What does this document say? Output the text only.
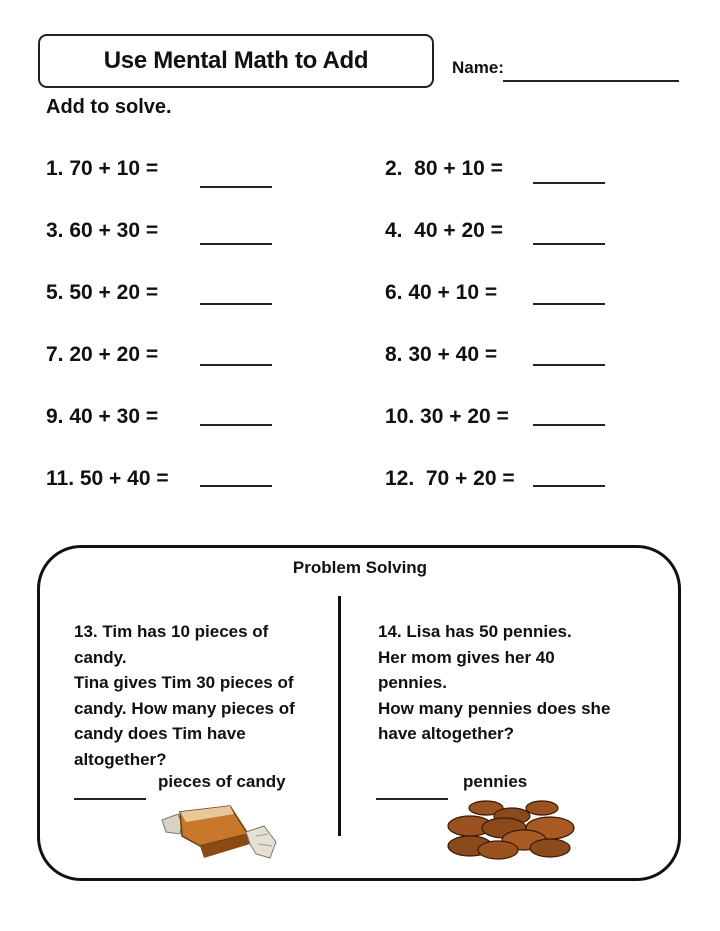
Use Mental Math to Add	Name:
Add to solve.
1. 70 + 10 =
3. 60 + 30 =
5. 50 + 20 =
7. 20 + 20 =
9. 40 + 30 =
11. 50 + 40 =
2.  80 + 10 =
4.  40 + 20 =
6. 40 + 10 =
8. 30 + 40 =
10. 30 + 20 =
12.  70 + 20 =
Problem Solving
13. Tim has 10 pieces of
candy.
Tina gives Tim 30 pieces of
candy. How many pieces of
candy does Tim have
altogether?
pieces of candy
14. Lisa has 50 pennies.
Her mom gives her 40
pennies.
How many pennies does she
have altogether?
pennies
